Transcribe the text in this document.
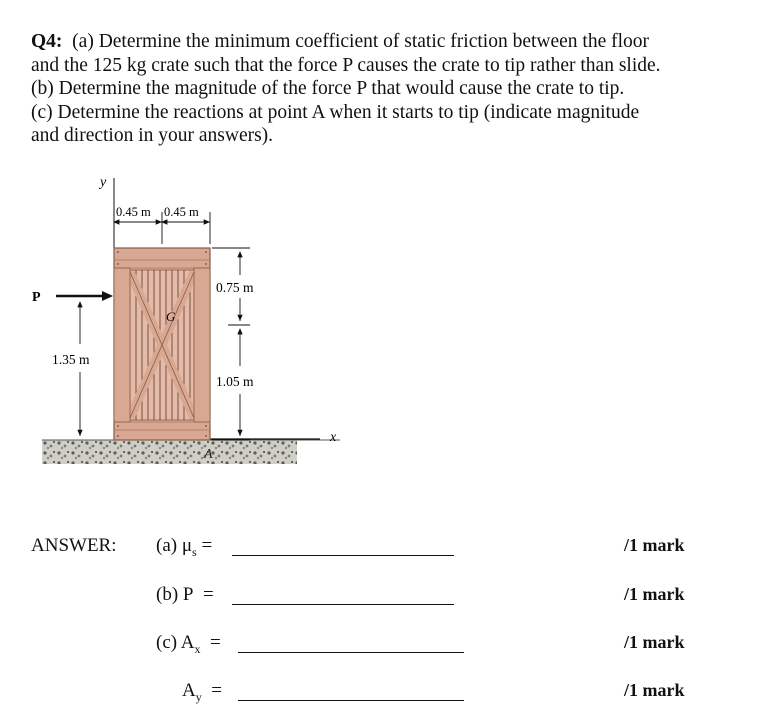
Q4: (a) Determine the minimum coefficient of static friction between the floor

and the 125 kg crate such that the force P causes the crate to tip rather than slide.

(b) Determine the magnitude of the force P that would cause the crate to tip.

(c) Determine the reactions at point A when it starts to tip (indicate magnitude

and direction in your answers).

x
y
G
A
0.45 m 0.45 m
0.75 m
1.05 m
1.35 m
P
ANSWER: (a) $\mu_s$ =	/1 mark
(b) P =	/1 mark
(c) $A_x$ =	/1 mark
$A_y$ =	/1 mark
